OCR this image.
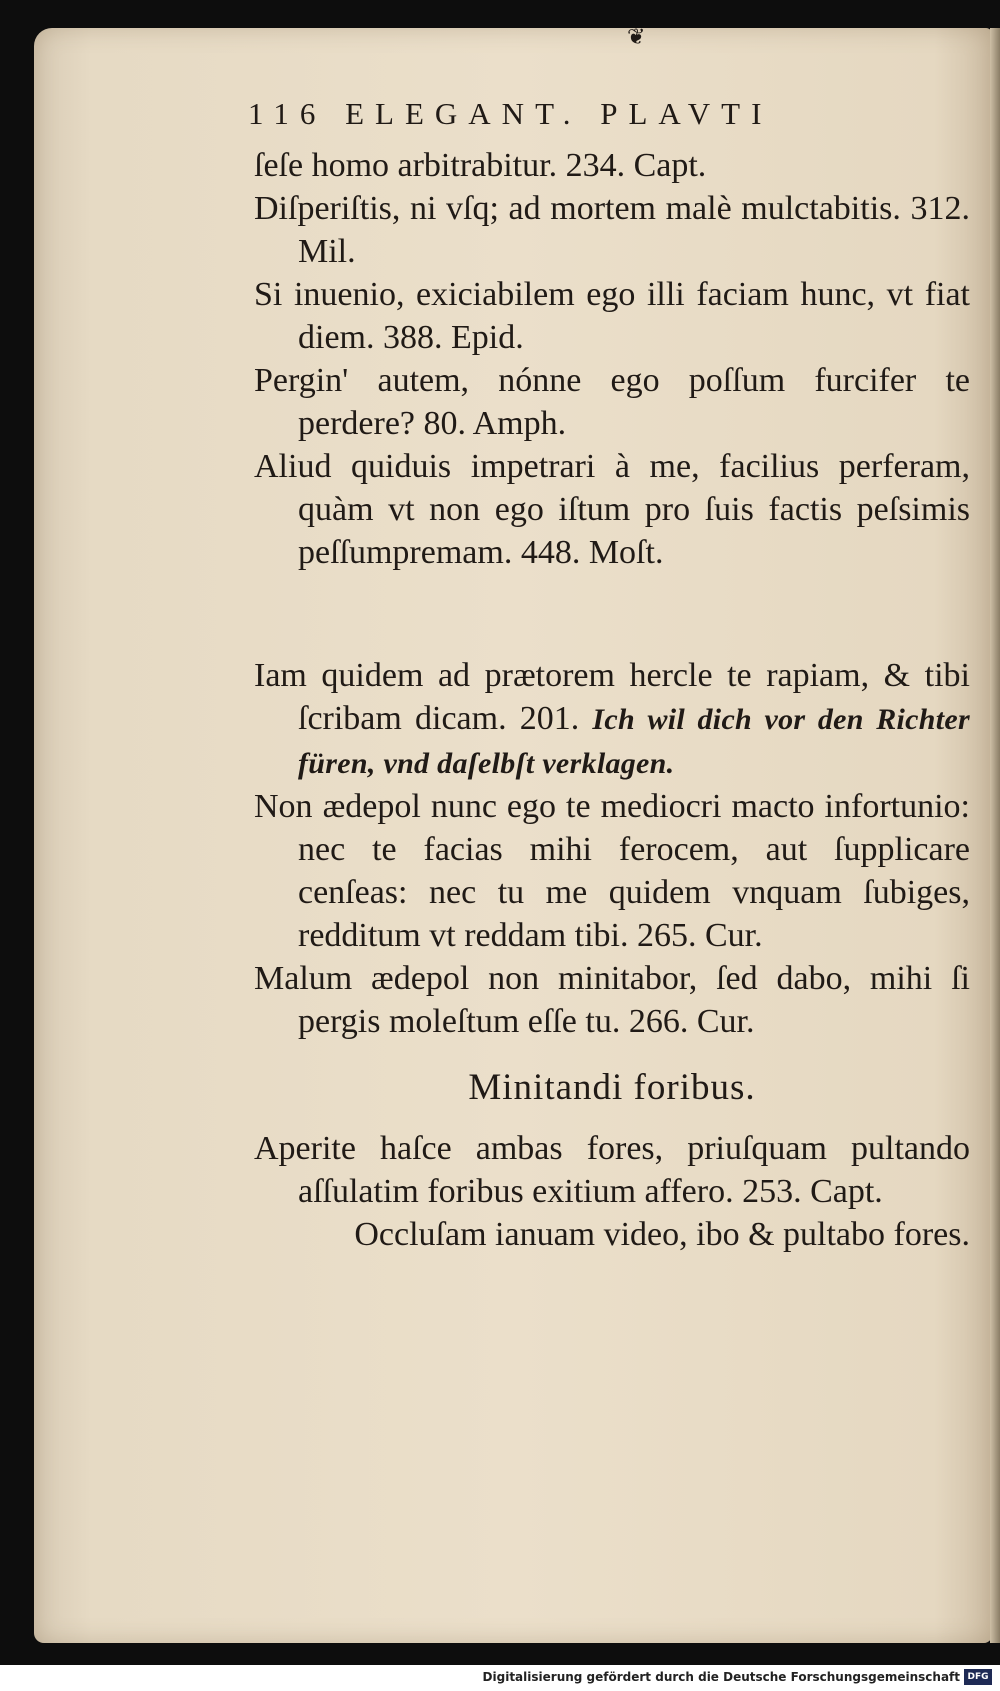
❦
116 ELEGANT. PLAVTI

ſeſe homo arbitrabitur. 234. Capt.

Diſperiſtis, ni vſq; ad mortem malè mulctabitis. 312. Mil.

Si inuenio, exiciabilem ego illi faciam hunc, vt fiat diem. 388. Epid.

Pergin' autem, nónne ego poſſum furcifer te perdere? 80. Amph.

Aliud quiduis impetrari à me, facilius perferam, quàm vt non ego iſtum pro ſuis factis peſsimis peſſumpremam. 448. Moſt.

Iam quidem ad prætorem hercle te rapiam, & tibi ſcribam dicam. 201. Ich wil dich vor den Richter füren, vnd daſelbſt verklagen.

Non ædepol nunc ego te mediocri macto infortunio: nec te facias mihi ferocem, aut ſupplicare cenſeas: nec tu me quidem vnquam ſubiges, redditum vt reddam tibi. 265. Cur.

Malum ædepol non minitabor, ſed dabo, mihi ſi pergis moleſtum eſſe tu. 266. Cur.

Minitandi foribus.

Aperite haſce ambas fores, priuſquam pultando aſſulatim foribus exitium affero. 253. Capt.

Occluſam ianuam video, ibo & pultabo fores.

Digitalisierung gefördert durch die Deutsche Forschungsgemeinschaft DFG
